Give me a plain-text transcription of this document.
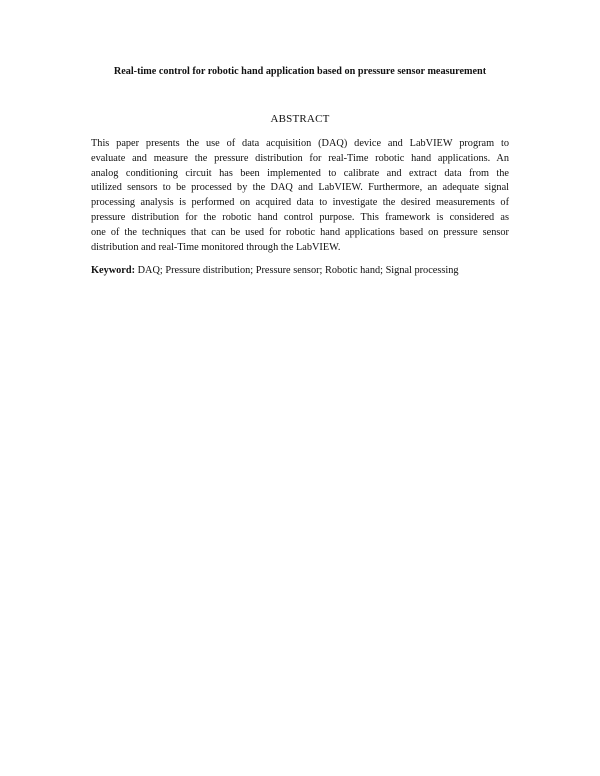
Real-time control for robotic hand application based on pressure sensor measurement
ABSTRACT
This paper presents the use of data acquisition (DAQ) device and LabVIEW program to
evaluate and measure the pressure distribution for real-Time robotic hand applications. An
analog conditioning circuit has been implemented to calibrate and extract data from the
utilized sensors to be processed by the DAQ and LabVIEW. Furthermore, an adequate signal
processing analysis is performed on acquired data to investigate the desired measurements of
pressure distribution for the robotic hand control purpose. This framework is considered as
one of the techniques that can be used for robotic hand applications based on pressure sensor
distribution and real-Time monitored through the LabVIEW.
Keyword: DAQ; Pressure distribution; Pressure sensor; Robotic hand; Signal processing
